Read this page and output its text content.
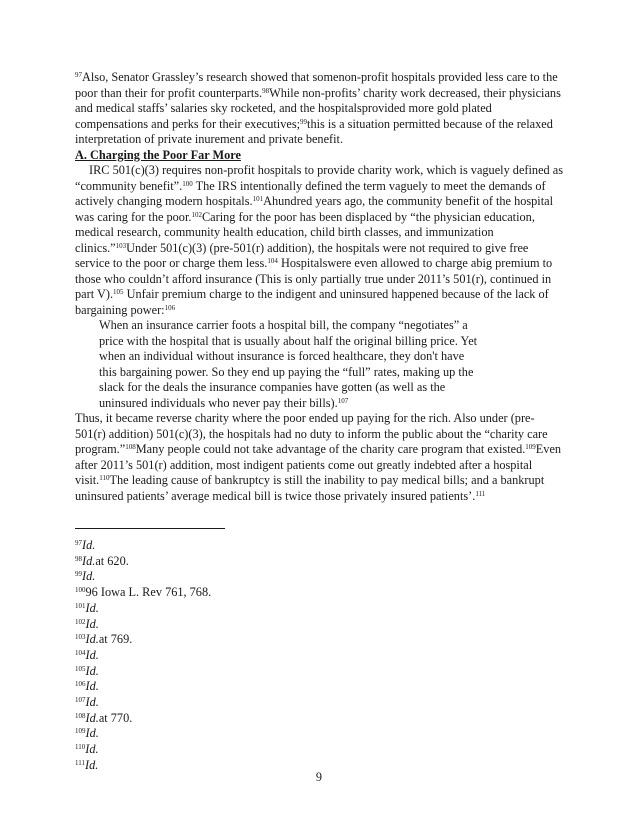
$^{97}$Also, Senator Grassley’s research showed that somenon-profit hospitals provided less care to the poor than their for profit counterparts.$^{98}$While non-profits’ charity work decreased, their physicians and medical staffs’ salaries sky rocketed, and the hospitalsprovided more gold plated compensations and perks for their executives;$^{99}$this is a situation permitted because of the relaxed interpretation of private inurement and private benefit.

A. Charging the Poor Far More

IRC 501(c)(3) requires non-profit hospitals to provide charity work, which is vaguely defined as “community benefit”.$^{100}$ The IRS intentionally defined the term vaguely to meet the demands of actively changing modern hospitals.$^{101}$Ahundred years ago, the community benefit of the hospital was caring for the poor.$^{102}$Caring for the poor has been displaced by “the physician education, medical research, community health education, child birth classes, and immunization clinics.”$^{103}$Under 501(c)(3) (pre-501(r) addition), the hospitals were not required to give free service to the poor or charge them less.$^{104}$ Hospitalswere even allowed to charge abig premium to those who couldn’t afford insurance (This is only partially true under 2011’s 501(r), continued in part V).$^{105}$ Unfair premium charge to the indigent and uninsured happened because of the lack of bargaining power:$^{106}$

When an insurance carrier foots a hospital bill, the company “negotiates” a

price with the hospital that is usually about half the original billing price. Yet

when an individual without insurance is forced healthcare, they don't have

this bargaining power. So they end up paying the “full” rates, making up the

slack for the deals the insurance companies have gotten (as well as the

uninsured individuals who never pay their bills).$^{107}$

Thus, it became reverse charity where the poor ended up paying for the rich. Also under (pre-501(r) addition) 501(c)(3), the hospitals had no duty to inform the public about the “charity care program.”$^{108}$Many people could not take advantage of the charity care program that existed.$^{109}$Even after 2011’s 501(r) addition, most indigent patients come out greatly indebted after a hospital visit.$^{110}$The leading cause of bankruptcy is still the inability to pay medical bills; and a bankrupt uninsured patients’ average medical bill is twice those privately insured patients’.$^{111}$

$^{97}$Id.

$^{98}$Id.at 620.

$^{99}$Id.

$^{100}$96 Iowa L. Rev 761, 768.

$^{101}$Id.

$^{102}$Id.

$^{103}$Id.at 769.

$^{104}$Id.

$^{105}$Id.

$^{106}$Id.

$^{107}$Id.

$^{108}$Id.at 770.

$^{109}$Id.

$^{110}$Id.

$^{111}$Id.

9
